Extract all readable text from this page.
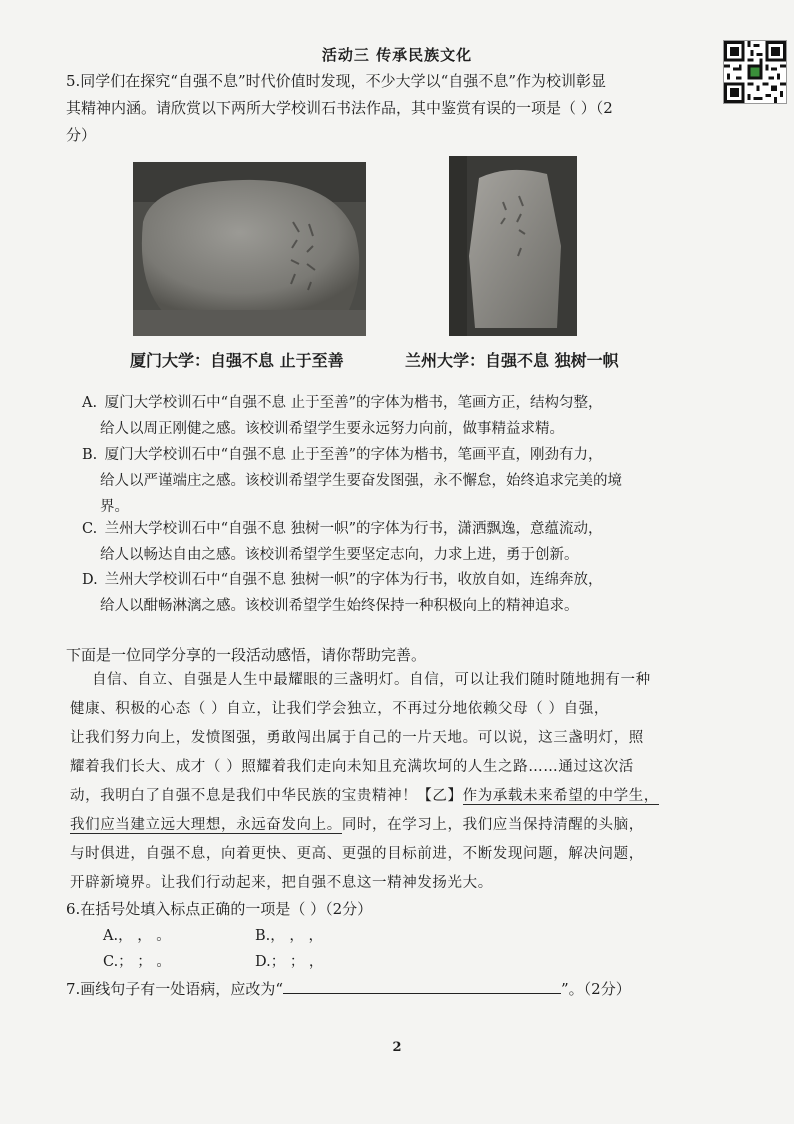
活动三 传承民族文化
5.同学们在探究“自强不息”时代价值时发现，不少大学以“自强不息”作为校训彰显
其精神内涵。请欣赏以下两所大学校训石书法作品，其中鉴赏有误的一项是（ ）（2
分）
厦门大学：自强不息 止于至善	兰州大学：自强不息 独树一帜
A. 厦门大学校训石中“自强不息 止于至善”的字体为楷书，笔画方正，结构匀整，
给人以周正刚健之感。该校训希望学生要永远努力向前，做事精益求精。
B. 厦门大学校训石中“自强不息 止于至善”的字体为楷书，笔画平直，刚劲有力，
给人以严谨端庄之感。该校训希望学生要奋发图强，永不懈怠，始终追求完美的境
界。
C. 兰州大学校训石中“自强不息 独树一帜”的字体为行书，潇洒飘逸，意蕴流动，
给人以畅达自由之感。该校训希望学生要坚定志向，力求上进，勇于创新。
D. 兰州大学校训石中“自强不息 独树一帜”的字体为行书，收放自如，连绵奔放，
给人以酣畅淋漓之感。该校训希望学生始终保持一种积极向上的精神追求。
下面是一位同学分享的一段活动感悟，请你帮助完善。
自信、自立、自强是人生中最耀眼的三盏明灯。自信，可以让我们随时随地拥有一种
健康、积极的心态（ ）自立，让我们学会独立，不再过分地依赖父母（ ）自强，
让我们努力向上，发愤图强，勇敢闯出属于自己的一片天地。可以说，这三盏明灯，照
耀着我们长大、成才（ ）照耀着我们走向未知且充满坎坷的人生之路……通过这次活
动，我明白了自强不息是我们中华民族的宝贵精神！【乙】作为承载未来希望的中学生，
我们应当建立远大理想，永远奋发向上。同时，在学习上，我们应当保持清醒的头脑，
与时俱进，自强不息，向着更快、更高、更强的目标前进，不断发现问题，解决问题，
开辟新境界。让我们行动起来，把自强不息这一精神发扬光大。
6.在括号处填入标点正确的一项是（ ）（2分）
A.， ， 。	B.， ， ，
C.； ； 。	D.； ； ，
7.画线句子有一处语病，应改为“	”。（2分）
2
